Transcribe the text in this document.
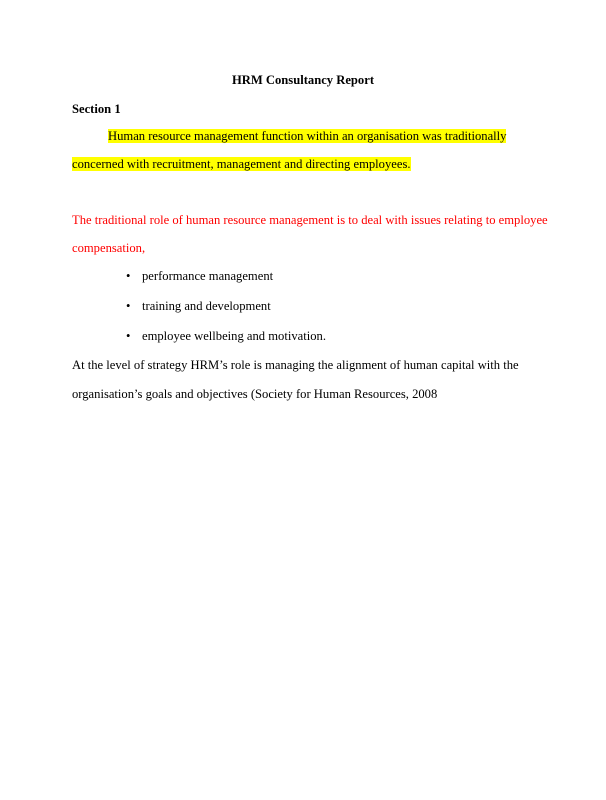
HRM Consultancy Report
Section 1
Human resource management function within an organisation was traditionally
concerned with recruitment, management and directing employees.
The traditional role of human resource management is to deal with issues relating to employee
compensation,
• performance management
• training and development
• employee wellbeing and motivation.
At the level of strategy HRM’s role is managing the alignment of human capital with the
organisation’s goals and objectives (Society for Human Resources, 2008
